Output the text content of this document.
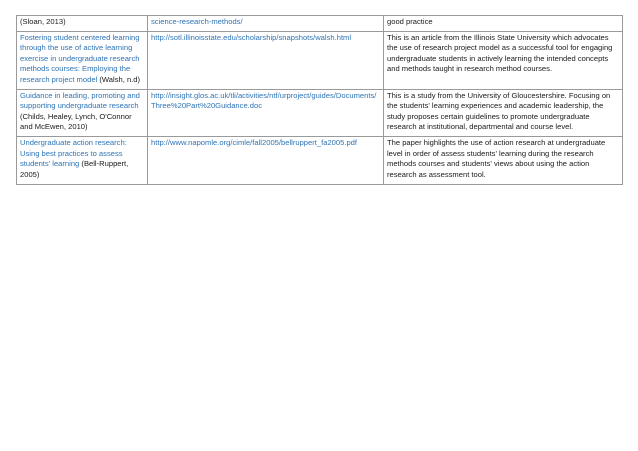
(Sloan, 2013)	science-research-methods/	good practice
Fostering student centered learning through the use of active learning exercise in undergraduate research methods courses: Employing the research project model (Walsh, n.d)	http://sotl.illinoisstate.edu/scholarship/snapshots/walsh.html	This is an article from the Illinois State University which advocates the use of research project model as a successful tool for engaging undergraduate students in actively learning the intended concepts and methods taught in research method courses.
Guidance in leading, promoting and supporting undergraduate research (Childs, Healey, Lynch, O'Connor and McEwen, 2010)	http://insight.glos.ac.uk/tli/activities/ntf/urproject/guides/Documents/Three%20Part%20Guidance.doc	This is a study from the University of Gloucestershire. Focusing on the students' learning experiences and academic leadership, the study proposes certain guidelines to promote undergraduate research at institutional, departmental and course level.
Undergraduate action research: Using best practices to assess students' learning (Bell-Ruppert, 2005)	http://www.napomle.org/cimle/fall2005/bellruppert_fa2005.pdf	The paper highlights the use of action research at undergraduate level in order of assess students' learning during the research methods courses and students' views about using the action research as assessment tool.
